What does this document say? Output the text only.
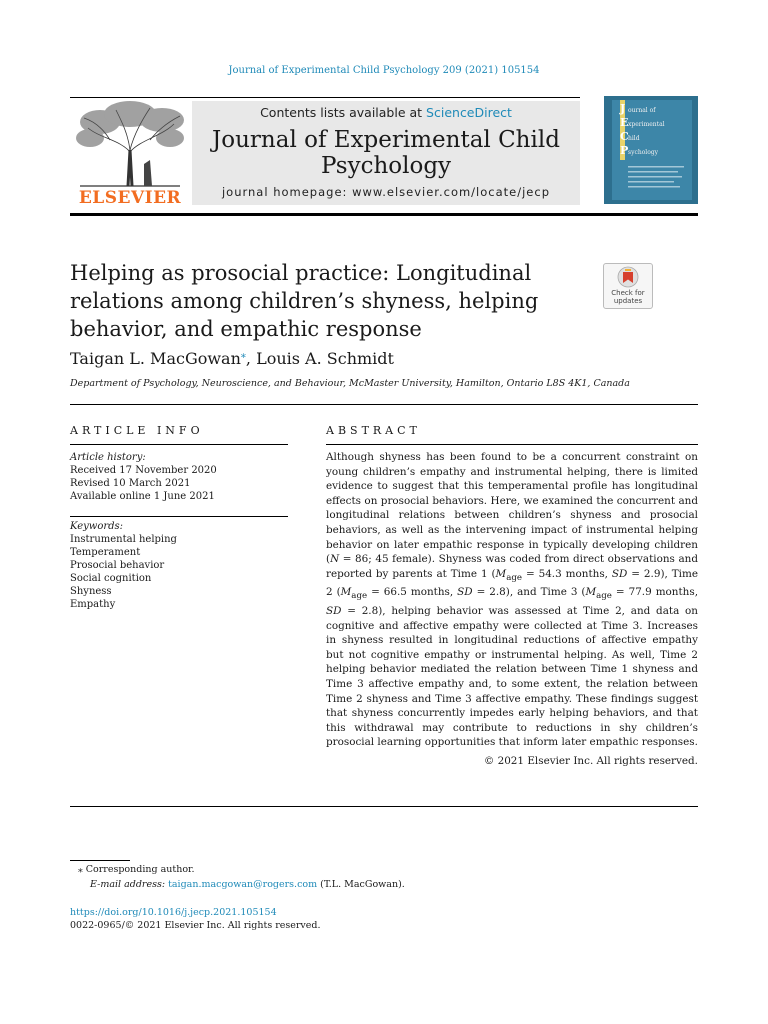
Journal of Experimental Child Psychology 209 (2021) 105154
ELSEVIER
Contents lists available at ScienceDirect
Journal of Experimental Child Psychology
journal homepage: www.elsevier.com/locate/jecp
J
E
C
P
ournal of
xperimental
hild
sychology
Helping as prosocial practice: Longitudinal relations among children’s shyness, helping behavior, and empathic response
Check for updates
Taigan L. MacGowan⁎, Louis A. Schmidt
Department of Psychology, Neuroscience, and Behaviour, McMaster University, Hamilton, Ontario L8S 4K1, Canada
ARTICLE INFO
Article history:
Received 17 November 2020
Revised 10 March 2021
Available online 1 June 2021
Keywords:
Instrumental helping
Temperament
Prosocial behavior
Social cognition
Shyness
Empathy
ABSTRACT
Although shyness has been found to be a concurrent constraint on young children’s empathy and instrumental helping, there is limited evidence to suggest that this temperamental profile has longitudinal effects on prosocial behaviors. Here, we examined the concurrent and longitudinal relations between children’s shyness and prosocial behaviors, as well as the intervening impact of instrumental helping behavior on later empathic response in typically developing children (N = 86; 45 female). Shyness was coded from direct observations and reported by parents at Time 1 ($M_{age} = 54.3$ months, SD = 2.9), Time 2 ($M_{age} = 66.5$ months, SD = 2.8), and Time 3 ($M_{age} = 77.9$ months, SD = 2.8), helping behavior was assessed at Time 2, and data on cognitive and affective empathy were collected at Time 3. Increases in shyness resulted in longitudinal reductions of affective empathy but not cognitive empathy or instrumental helping. As well, Time 2 helping behavior mediated the relation between Time 1 shyness and Time 3 affective empathy and, to some extent, the relation between Time 2 shyness and Time 3 affective empathy. These findings suggest that shyness concurrently impedes early helping behaviors, and that this withdrawal may contribute to reductions in shy children’s prosocial learning opportunities that inform later empathic responses.
© 2021 Elsevier Inc. All rights reserved.
⁎ Corresponding author.
E-mail address: taigan.macgowan@rogers.com (T.L. MacGowan).
https://doi.org/10.1016/j.jecp.2021.105154
0022-0965/© 2021 Elsevier Inc. All rights reserved.
